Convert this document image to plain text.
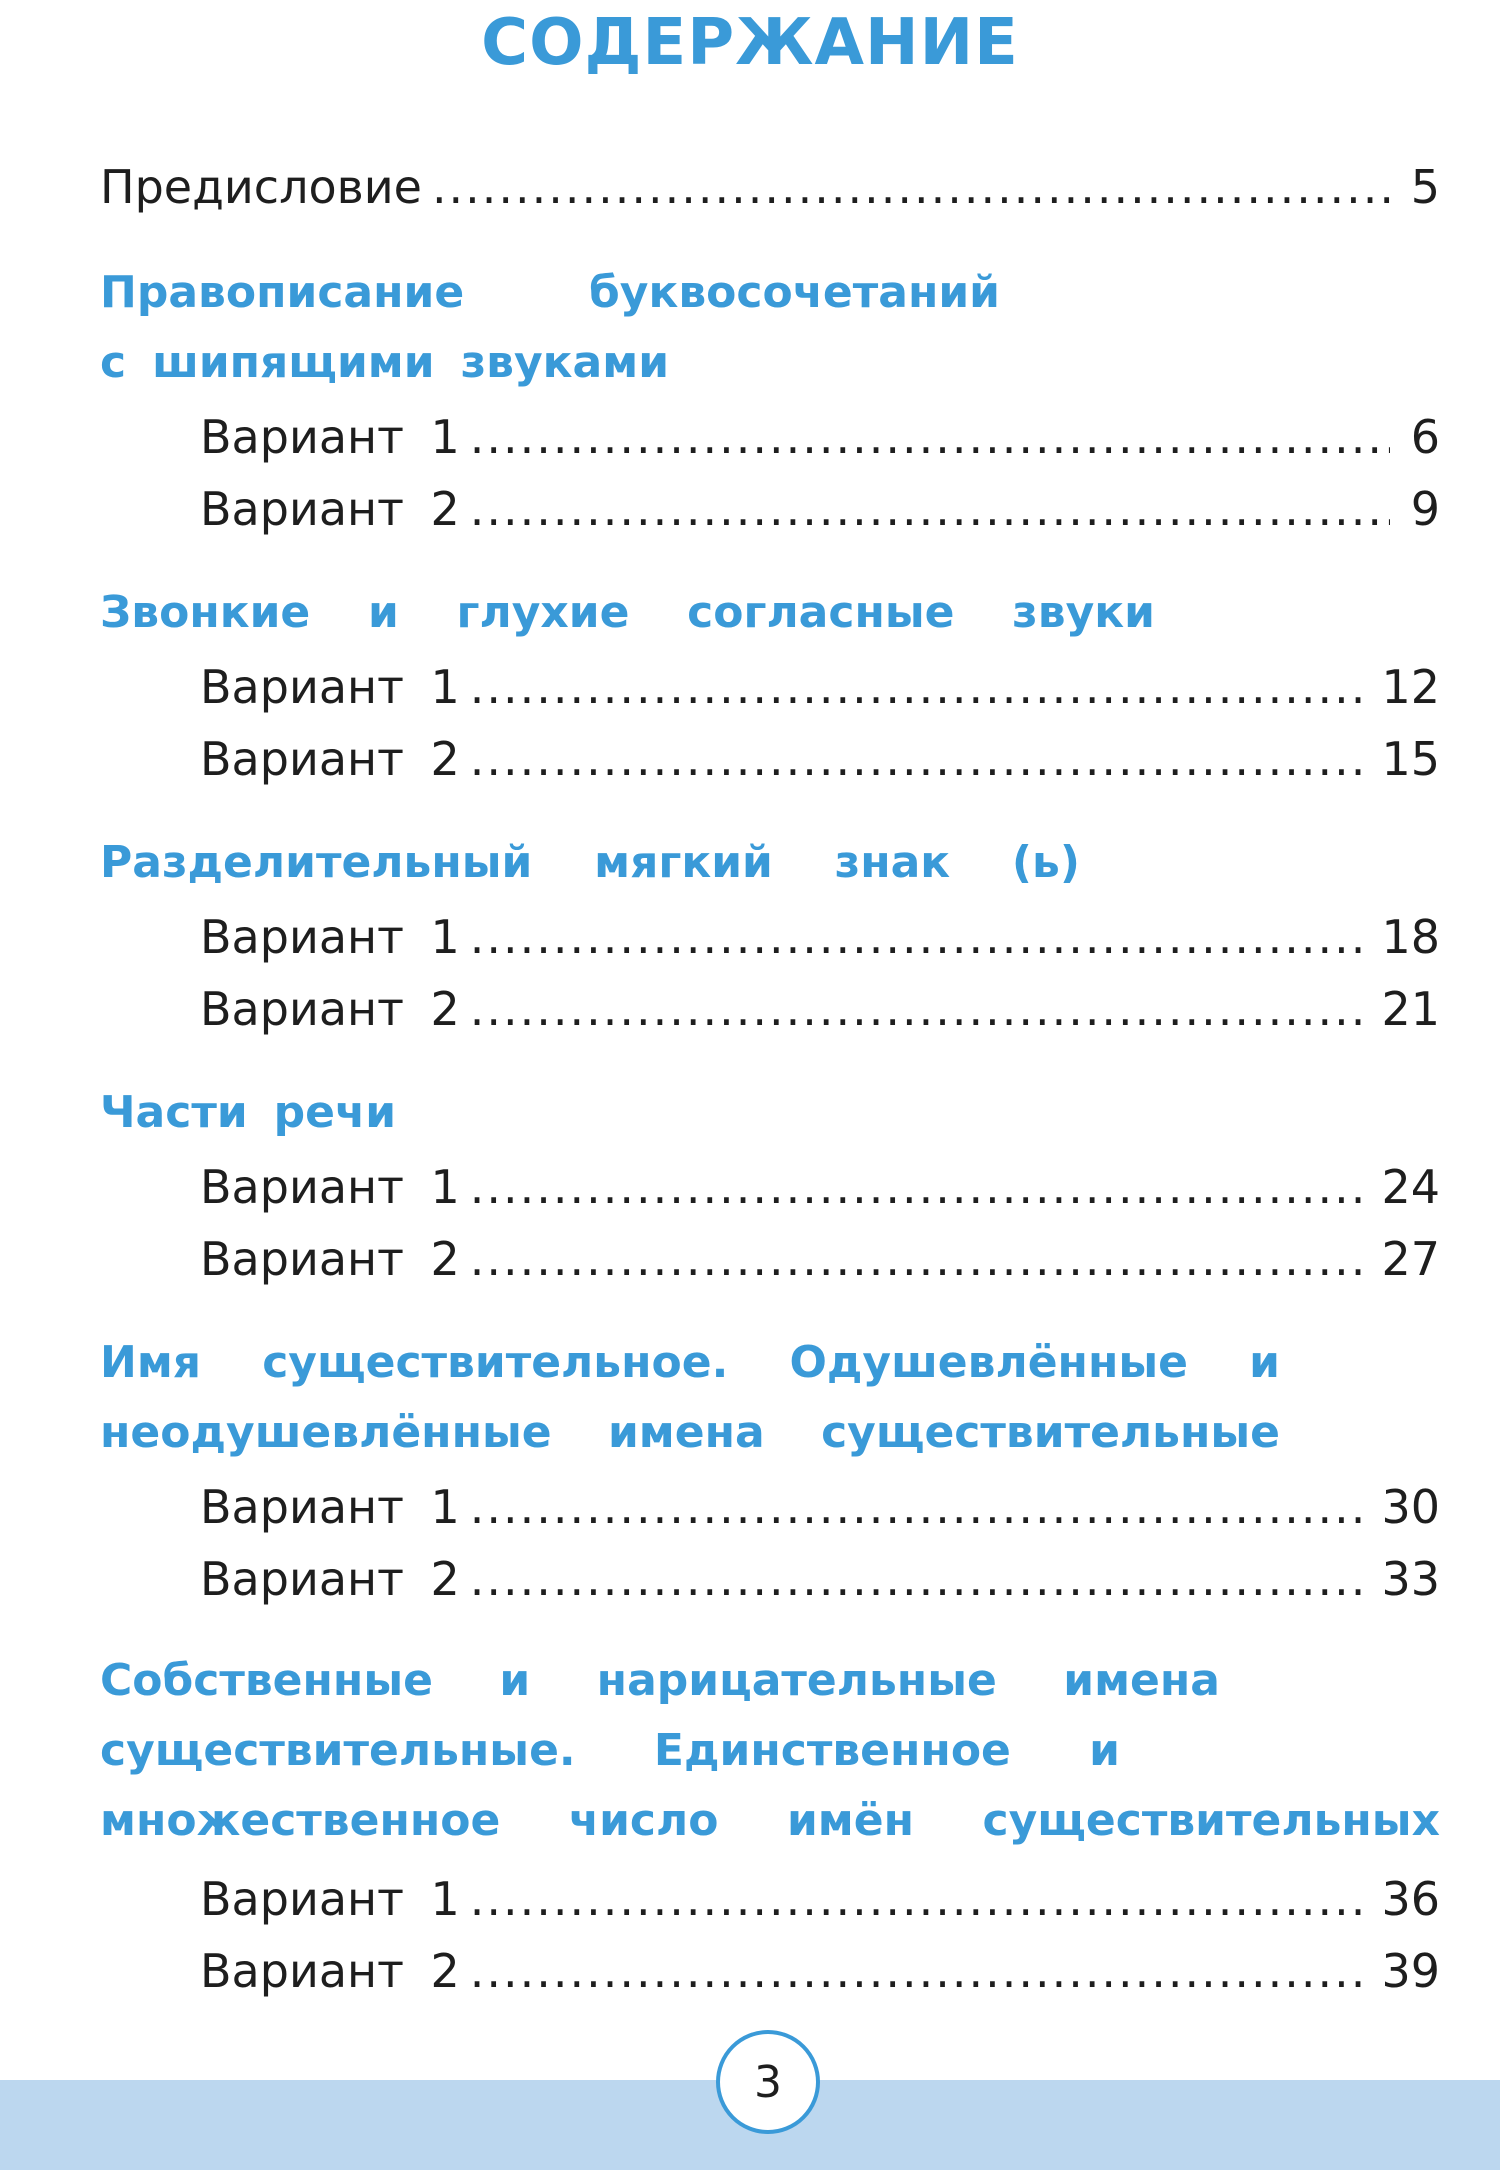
СОДЕРЖАНИЕ
Предисловие .....	5
Правописание	буквосочетаний
с шипящими звуками
Вариант 1 .....	6
Вариант 2 .....	9
Звонкие и глухие согласные звуки
Вариант 1 .....	12
Вариант 2 .....	15
Разделительный мягкий знак (ь)
Вариант 1 .....	18
Вариант 2 .....	21
Части речи
Вариант 1 .....	24
Вариант 2 .....	27
Имя существительное. Одушевлённые и
неодушевлённые имена существительные
Вариант 1 .....	30
Вариант 2 .....	33
Собственные и нарицательные имена
существительные. Единственное и
множественное число имён существительных
Вариант 1 .....	36
Вариант 2 .....	39
3
